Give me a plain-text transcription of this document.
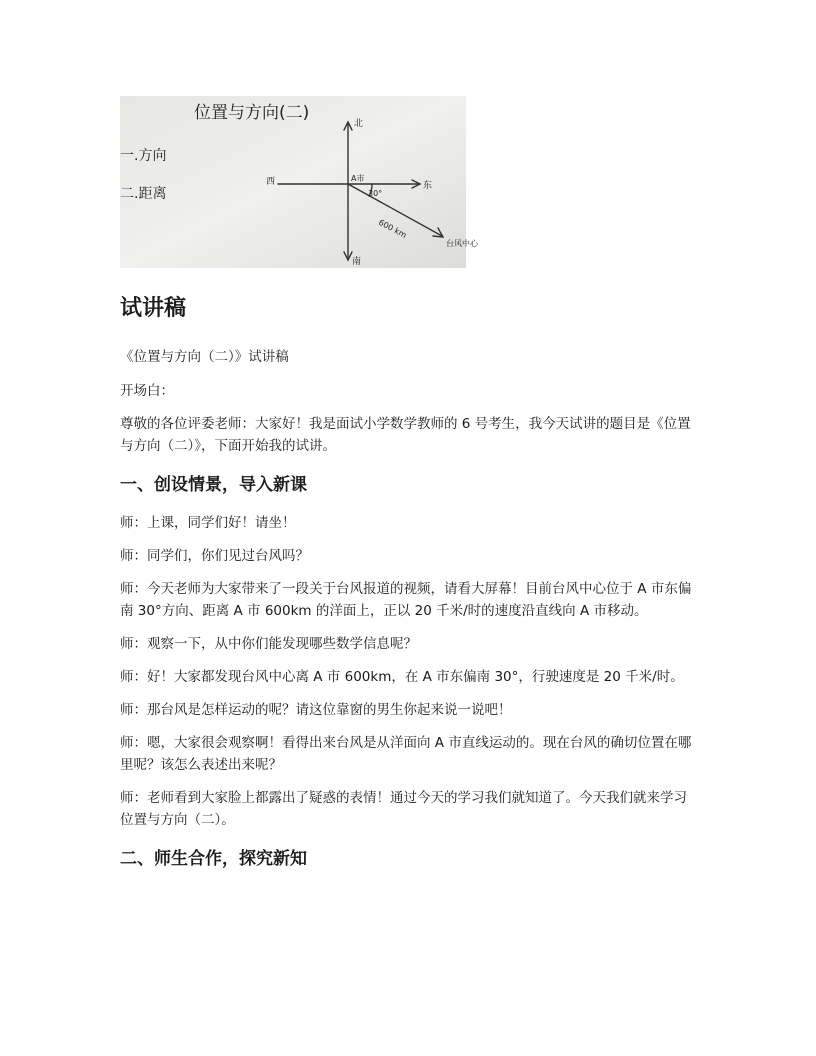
位置与方向(二)
一.方向
二.距离
北
南
东
西	A市
30°
600 km
台风中心
试讲稿

《位置与方向（二）》试讲稿

开场白：

尊敬的各位评委老师：大家好！我是面试小学数学教师的 6 号考生，我今天试讲的题目是《位置与方向（二）》，下面开始我的试讲。

一、创设情景，导入新课

师：上课，同学们好！请坐！

师：同学们，你们见过台风吗？

师：今天老师为大家带来了一段关于台风报道的视频，请看大屏幕！目前台风中心位于 A 市东偏南 30°方向、距离 A 市 600km 的洋面上，正以 20 千米/时的速度沿直线向 A 市移动。

师：观察一下，从中你们能发现哪些数学信息呢？

师：好！大家都发现台风中心离 A 市 600km，在 A 市东偏南 30°，行驶速度是 20 千米/时。

师：那台风是怎样运动的呢？请这位靠窗的男生你起来说一说吧！

师：嗯，大家很会观察啊！看得出来台风是从洋面向 A 市直线运动的。现在台风的确切位置在哪里呢？该怎么表述出来呢？

师：老师看到大家脸上都露出了疑惑的表情！通过今天的学习我们就知道了。今天我们就来学习位置与方向（二）。

二、师生合作，探究新知
